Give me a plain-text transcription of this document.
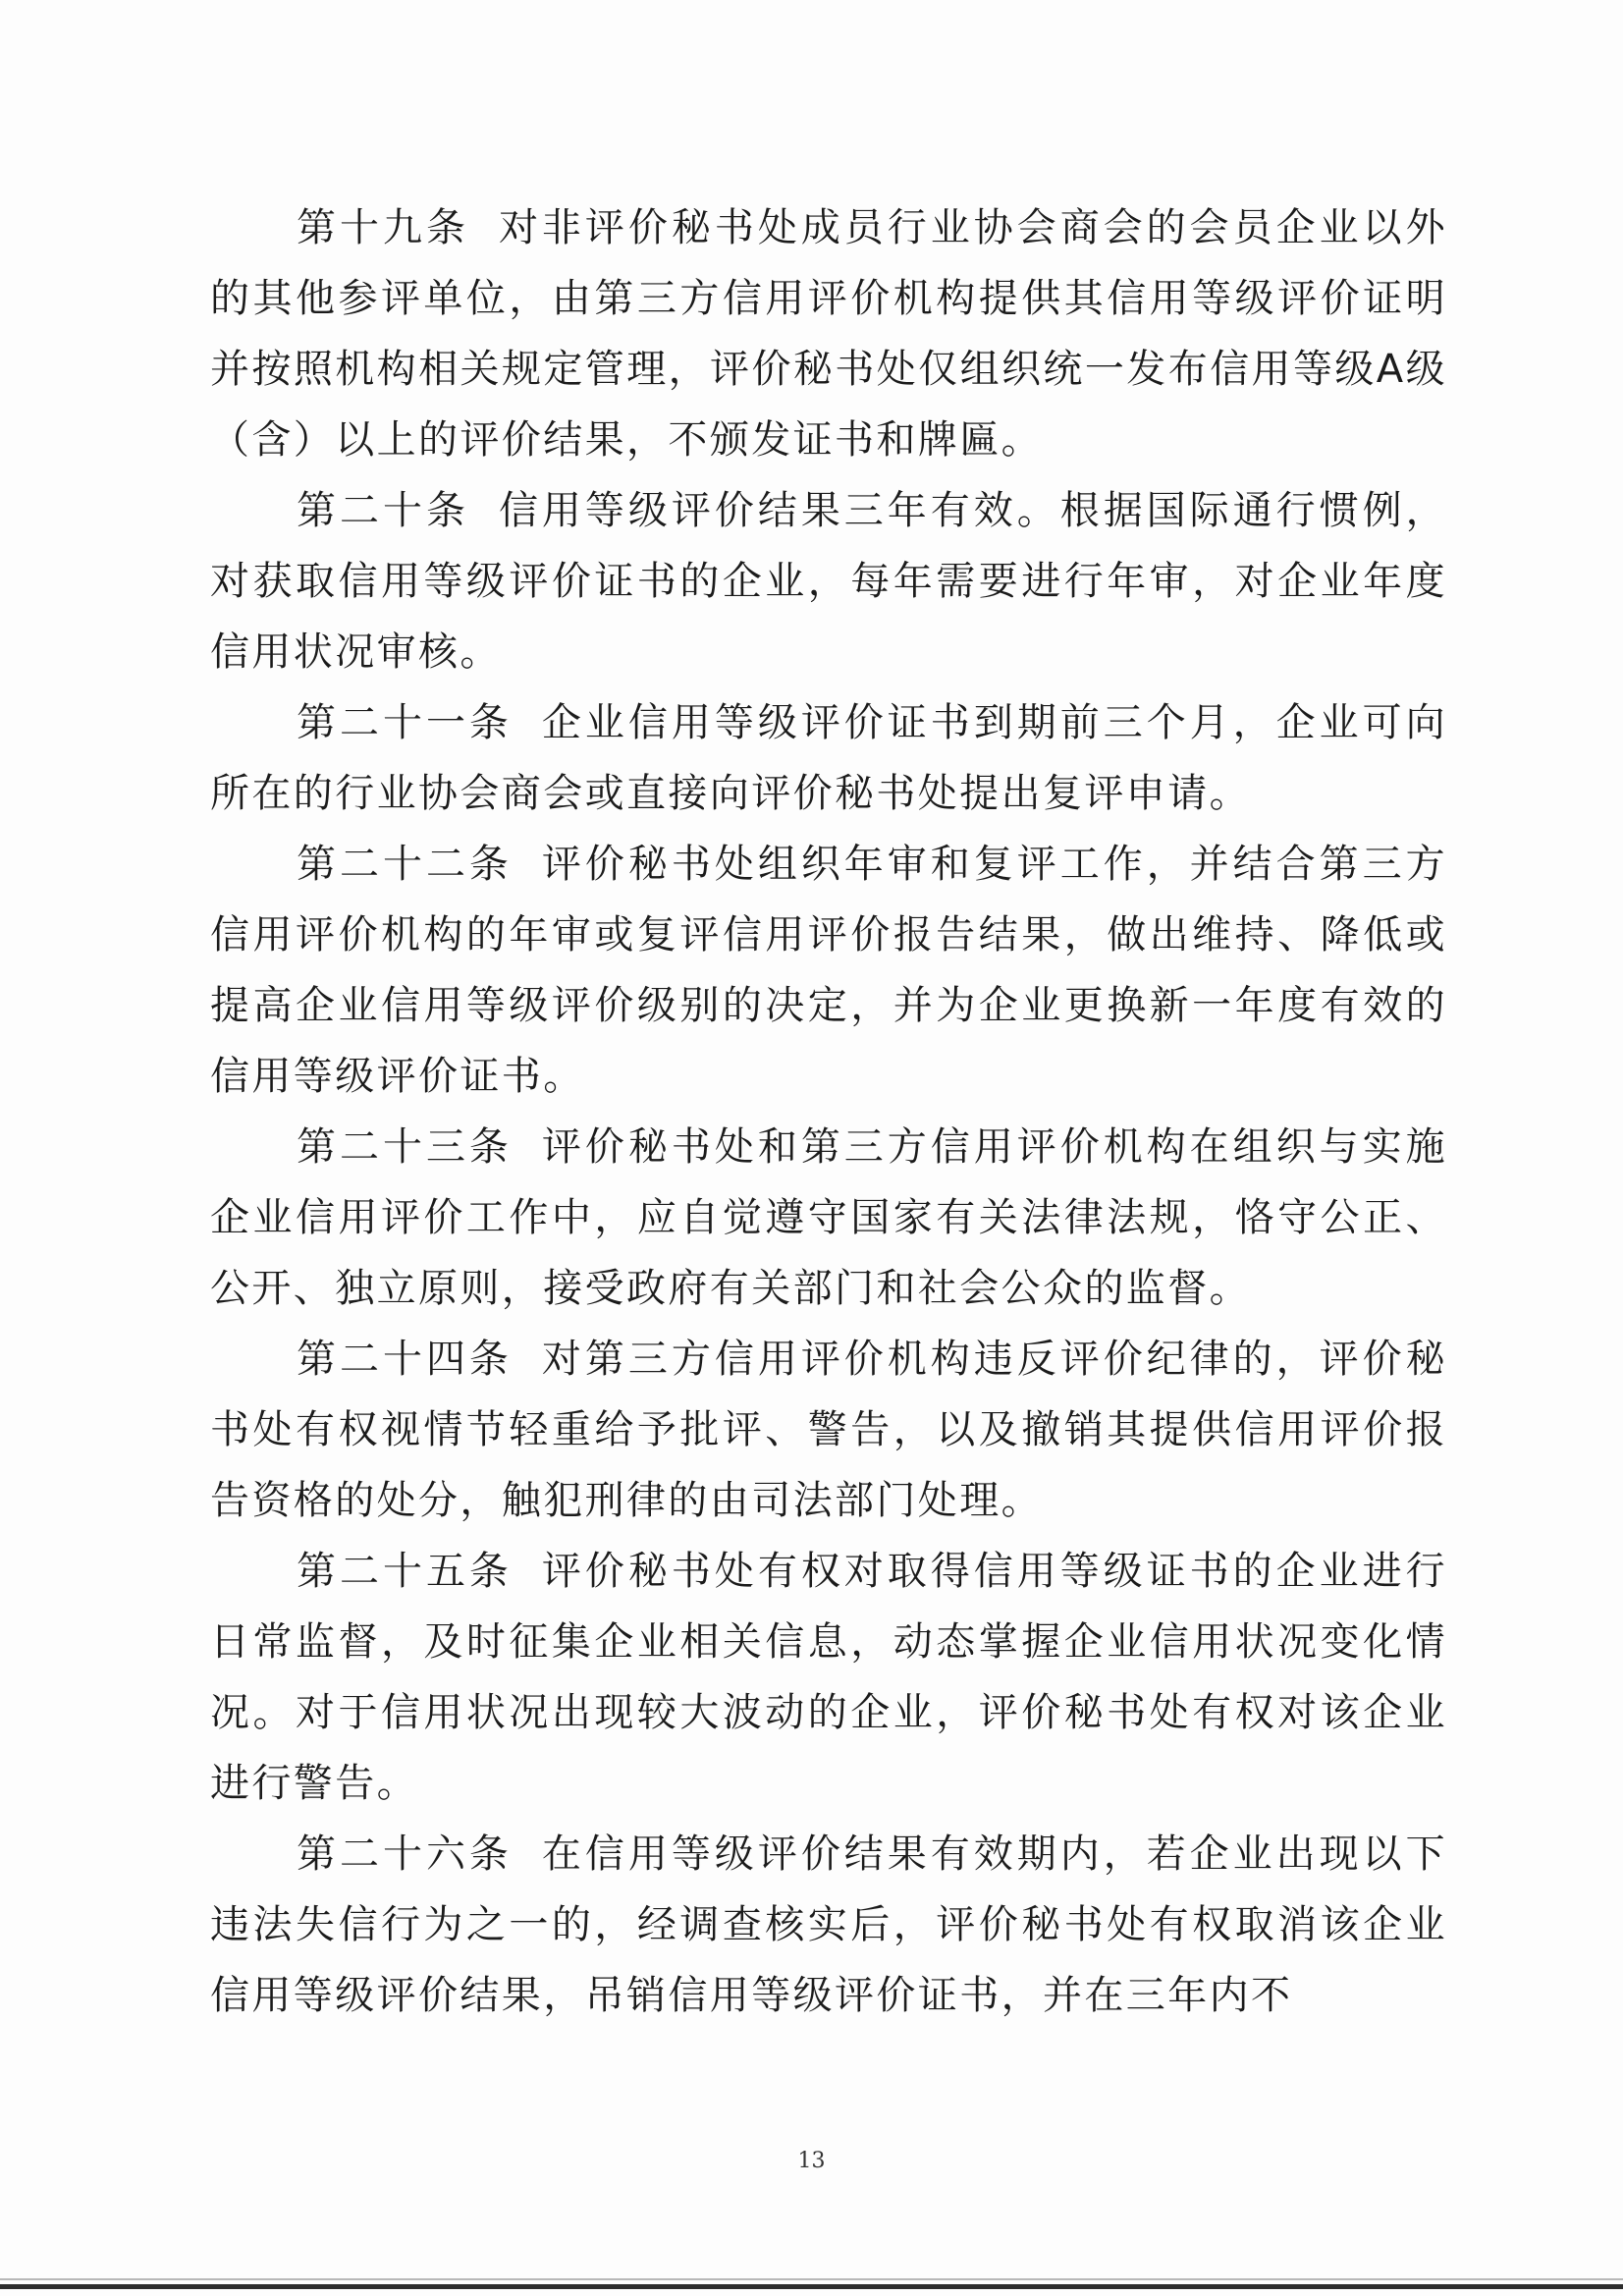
第十九条 对非评价秘书处成员行业协会商会的会员企业以外的其他参评单位，由第三方信用评价机构提供其信用等级评价证明并按照机构相关规定管理，评价秘书处仅组织统一发布信用等级A级（含）以上的评价结果，不颁发证书和牌匾。

第二十条 信用等级评价结果三年有效。根据国际通行惯例，对获取信用等级评价证书的企业，每年需要进行年审，对企业年度信用状况审核。

第二十一条 企业信用等级评价证书到期前三个月，企业可向所在的行业协会商会或直接向评价秘书处提出复评申请。

第二十二条 评价秘书处组织年审和复评工作，并结合第三方信用评价机构的年审或复评信用评价报告结果，做出维持、降低或提高企业信用等级评价级别的决定，并为企业更换新一年度有效的信用等级评价证书。

第二十三条 评价秘书处和第三方信用评价机构在组织与实施企业信用评价工作中，应自觉遵守国家有关法律法规，恪守公正、公开、独立原则，接受政府有关部门和社会公众的监督。

第二十四条 对第三方信用评价机构违反评价纪律的，评价秘书处有权视情节轻重给予批评、警告，以及撤销其提供信用评价报告资格的处分，触犯刑律的由司法部门处理。

第二十五条 评价秘书处有权对取得信用等级证书的企业进行日常监督，及时征集企业相关信息，动态掌握企业信用状况变化情况。对于信用状况出现较大波动的企业，评价秘书处有权对该企业进行警告。

第二十六条 在信用等级评价结果有效期内，若企业出现以下违法失信行为之一的，经调查核实后，评价秘书处有权取消该企业信用等级评价结果，吊销信用等级评价证书，并在三年内不

13
